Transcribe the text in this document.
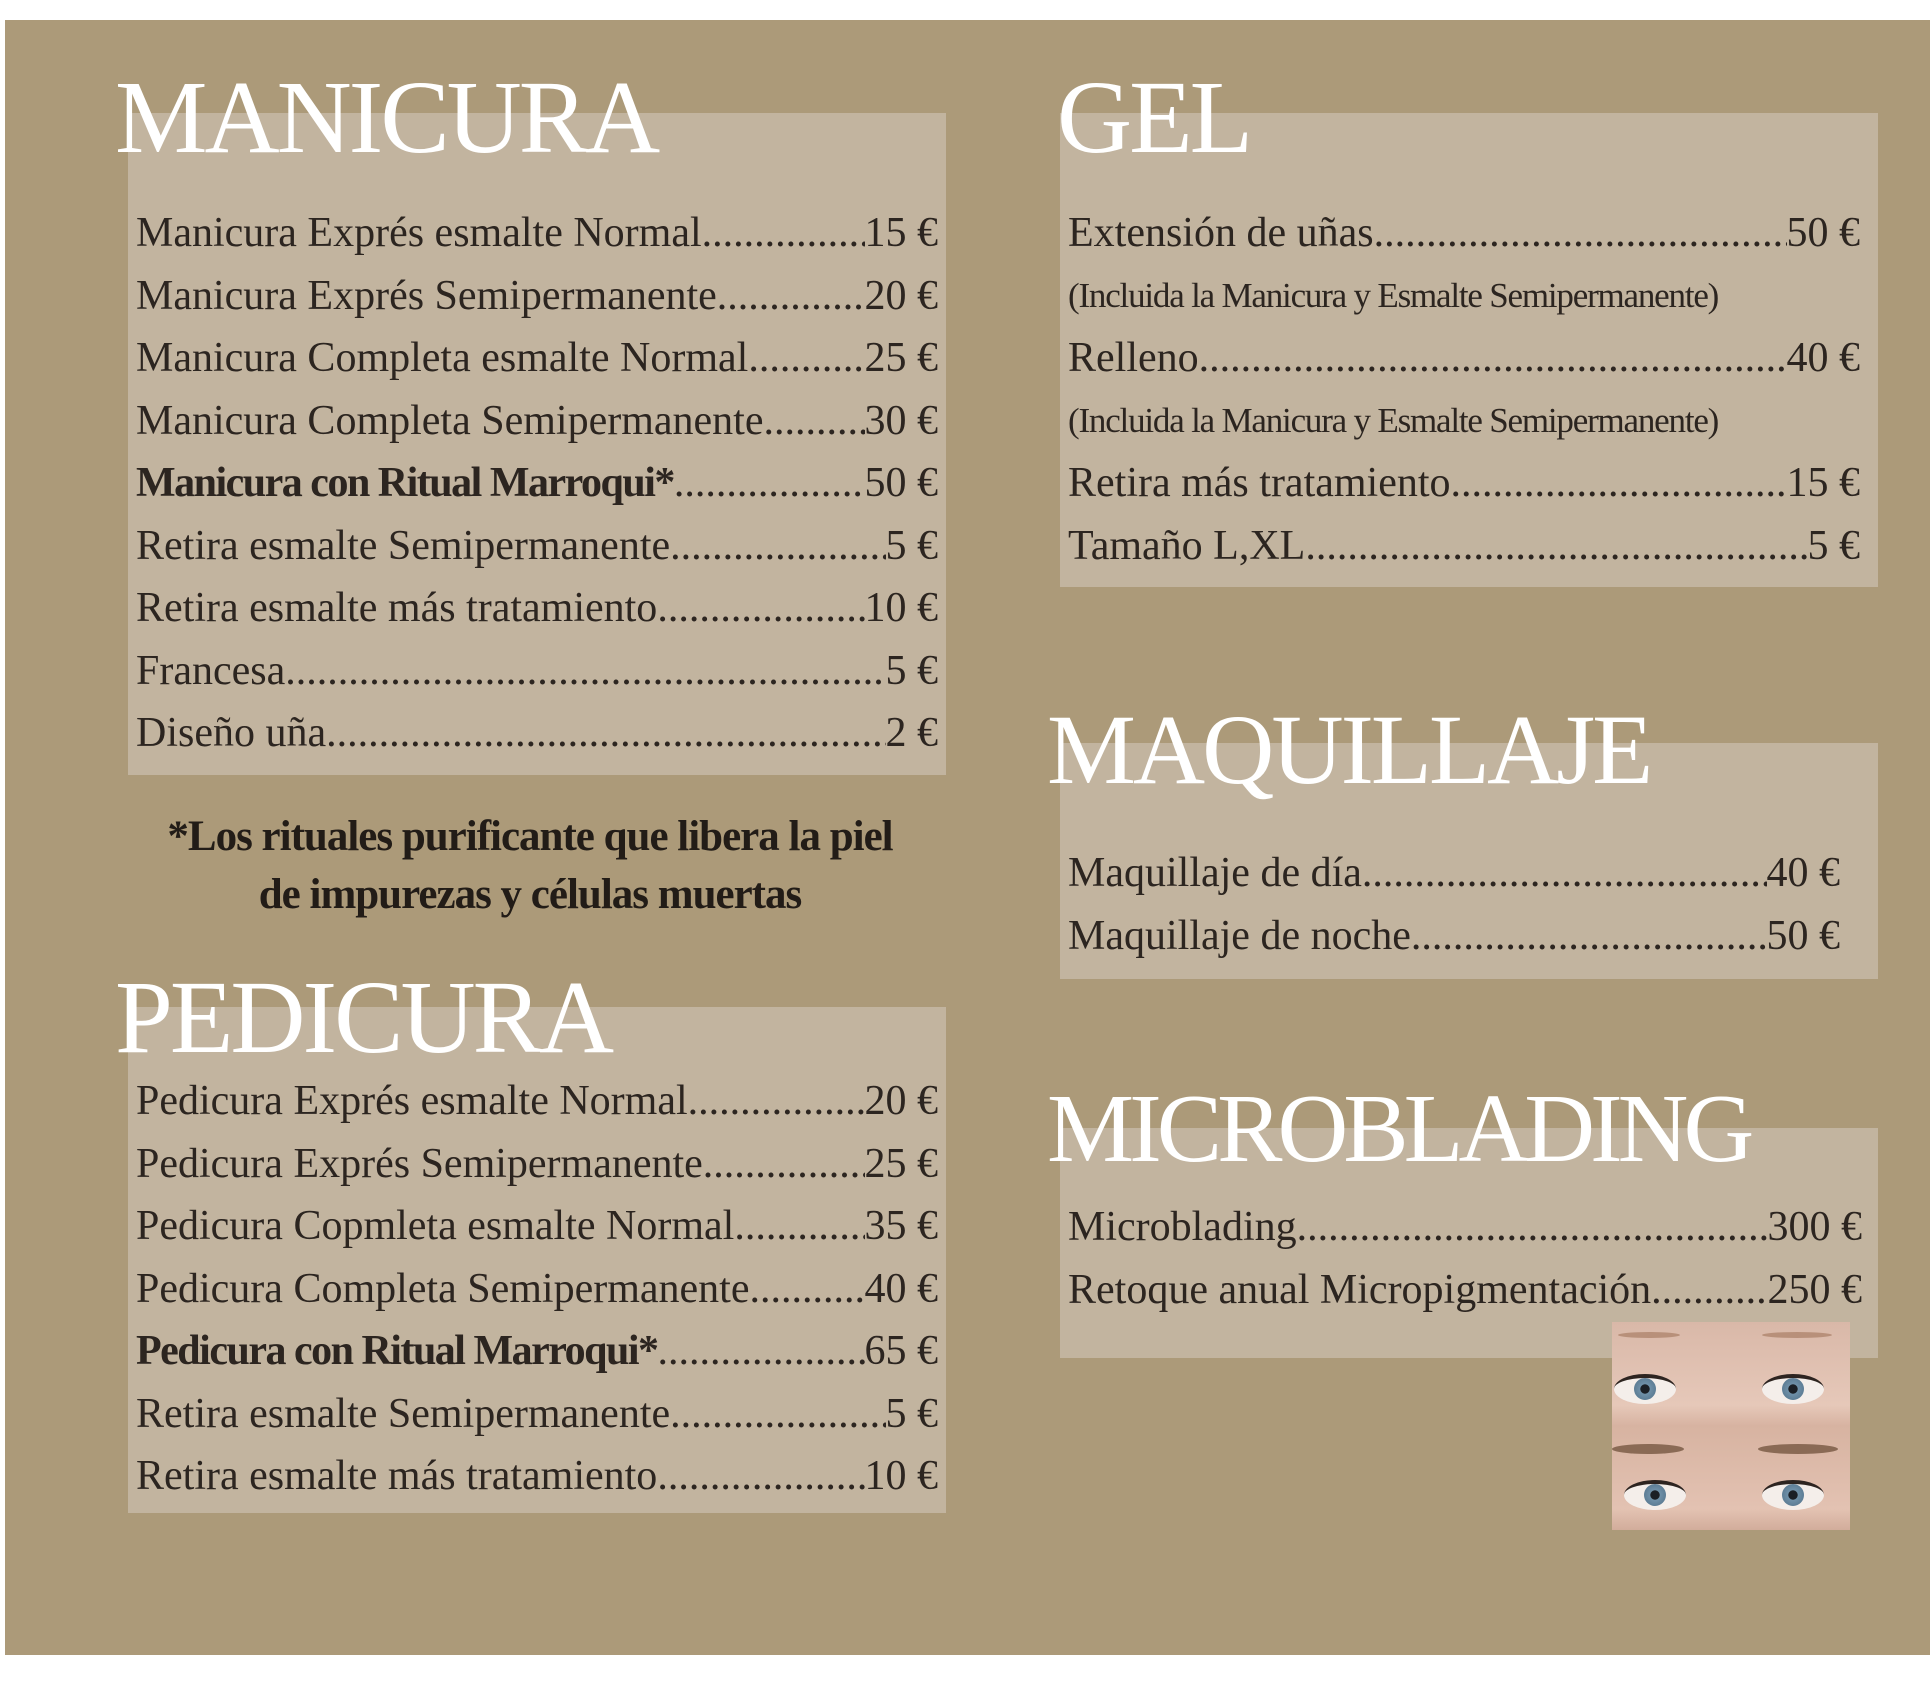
MANICURA
Manicura Exprés esmalte Normal .....	15 €
Manicura Exprés Semipermanente .....	20 €
Manicura Completa esmalte Normal .....	25 €
Manicura Completa Semipermanente ..... 30 €
Manicura con Ritual Marroqui* .....	50 €
Retira esmalte Semipermanente .....	5 €
Retira esmalte más tratamiento .....	10 €
Francesa .....	5 €
Diseño uña .....	2 €

*Los rituales purificante que libera la piel
de impurezas y células muertas

PEDICURA
Pedicura Exprés esmalte Normal .....	20 €
Pedicura Exprés Semipermanente .....	25 €
Pedicura Copmleta esmalte Normal .....	35 €
Pedicura Completa Semipermanente .....	40 €
Pedicura con Ritual Marroqui* .....	65 €
Retira esmalte Semipermanente .....	5 €
Retira esmalte más tratamiento .....	10 €
GEL
Extensión de uñas .....	50 €
(Incluida la Manicura y Esmalte Semipermanente)
Relleno .....	40 €
(Incluida la Manicura y Esmalte Semipermanente)
Retira más tratamiento .....	15 €
Tamaño L,XL .....	5 €
MAQUILLAJE
Maquillaje de día .....	40 €
Maquillaje de noche .....	50 €
MICROBLADING
Microblading .....	300 €
Retoque anual Micropigmentación .....	250 €
